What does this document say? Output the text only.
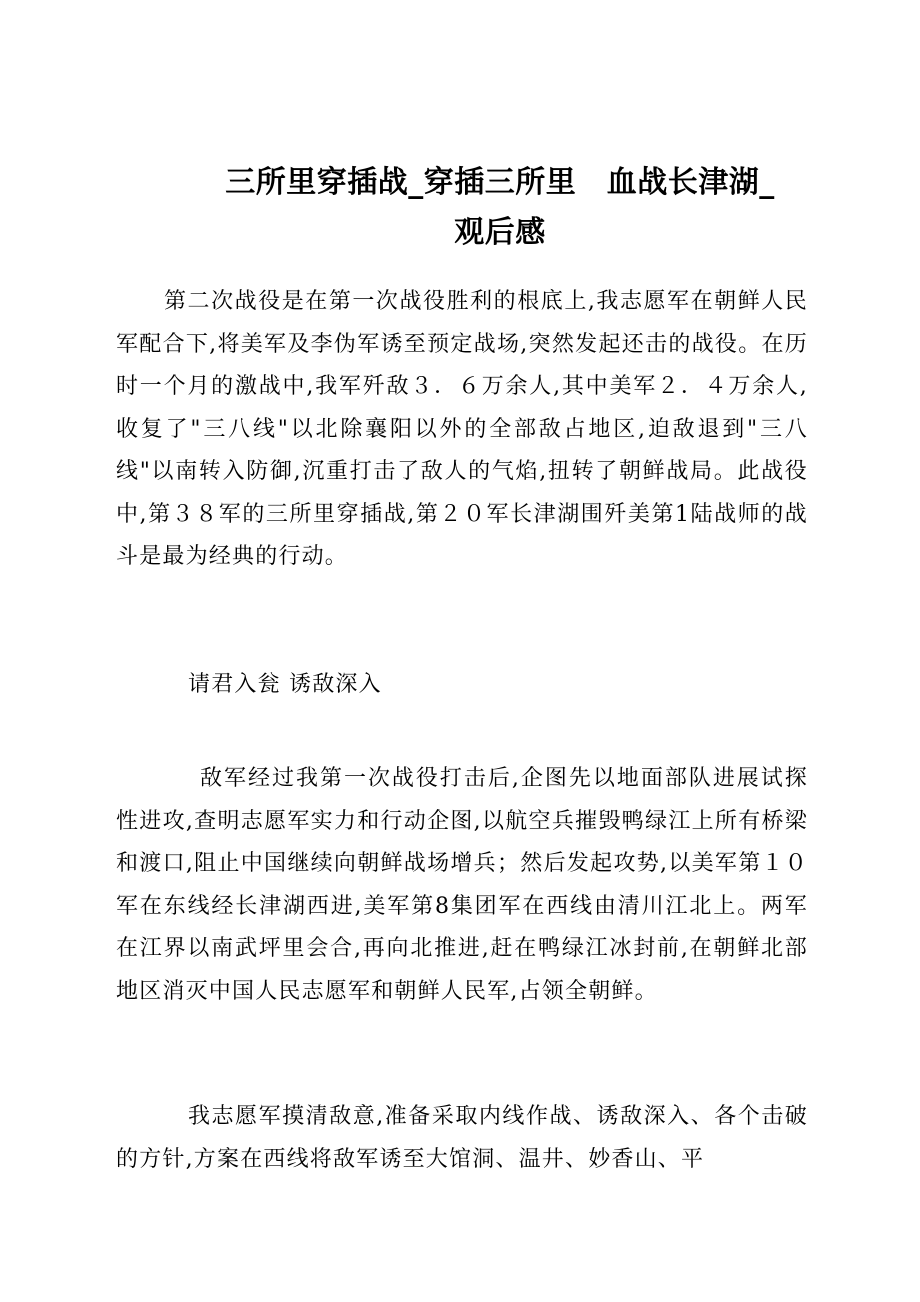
三所里穿插战_穿插三所里　血战长津湖_
观后感

第二次战役是在第一次战役胜利的根底上,我志愿军在朝鲜人民军配合下,将美军及李伪军诱至预定战场,突然发起还击的战役。在历时一个月的激战中,我军歼敌３．６万余人,其中美军２．４万余人,收复了"三八线"以北除襄阳以外的全部敌占地区,迫敌退到"三八线"以南转入防御,沉重打击了敌人的气焰,扭转了朝鲜战局。此战役中,第３８军的三所里穿插战,第２０军长津湖围歼美第1陆战师的战斗是最为经典的行动。

请君入瓮 诱敌深入

敌军经过我第一次战役打击后,企图先以地面部队进展试探性进攻,查明志愿军实力和行动企图,以航空兵摧毁鸭绿江上所有桥梁和渡口,阻止中国继续向朝鲜战场增兵；然后发起攻势,以美军第１０军在东线经长津湖西进,美军第8集团军在西线由清川江北上。两军在江界以南武坪里会合,再向北推进,赶在鸭绿江冰封前,在朝鲜北部地区消灭中国人民志愿军和朝鲜人民军,占领全朝鲜。

我志愿军摸清敌意,准备采取内线作战、诱敌深入、各个击破的方针,方案在西线将敌军诱至大馆洞、温井、妙香山、平
